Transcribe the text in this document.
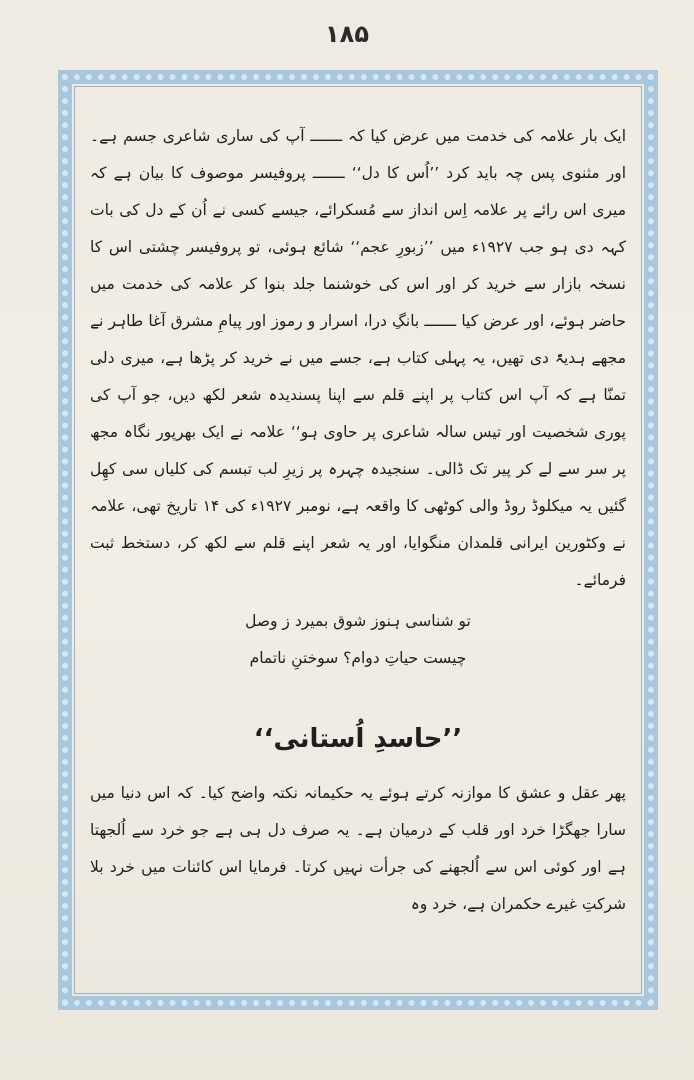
۱۸۵

ایک بار علامہ کی خدمت میں عرض کیا کہ ـــــــ آپ کی ساری شاعری جسم ہے۔ اور مثنوی پس چہ باید کرد ’’اُس کا دل‘‘ ـــــــ پروفیسر موصوف کا بیان ہے کہ میری اس رائے پر علامہ اِس انداز سے مُسکرائے، جیسے کسی نے اُن کے دل کی بات کہہ دی ہو جب ۱۹۲۷ء میں ’’زبورِ عجم‘‘ شائع ہوئی، تو پروفیسر چشتی اس کا نسخہ بازار سے خرید کر اور اس کی خوشنما جلد بنوا کر علامہ کی خدمت میں حاضر ہوئے، اور عرض کیا ـــــــ بانگِ درا، اسرار و رموز اور پیامِ مشرق آغا طاہر نے مجھے ہدیۃً دی تھیں، یہ پہلی کتاب ہے، جسے میں نے خرید کر پڑھا ہے، میری دلی تمنّا ہے کہ آپ اس کتاب پر اپنے قلم سے اپنا پسندیدہ شعر لکھ دیں، جو آپ کی پوری شخصیت اور تیس سالہ شاعری پر حاوی ہو‘‘ علامہ نے ایک بھرپور نگاہ مجھ پر سر سے لے کر پیر تک ڈالی۔ سنجیدہ چہرہ پر زیرِ لب تبسم کی کلیاں سی کھِل گئیں یہ میکلوڈ روڈ والی کوٹھی کا واقعہ ہے، نومبر ۱۹۲۷ء کی ۱۴ تاریخ تھی، علامہ نے وکٹورین ایرانی قلمدان منگوایا، اور یہ شعر اپنے قلم سے لکھ کر، دستخط ثبت فرمائے۔

تو شناسی ہنوز شوق بمیرد ز وصل

چیست حیاتِ دوام؟ سوختنِ ناتمام

’’حاسدِ اُستانی‘‘

پھر عقل و عشق کا موازنہ کرتے ہوئے یہ حکیمانہ نکتہ واضح کیا۔ کہ اس دنیا میں سارا جھگڑا خرد اور قلب کے درمیان ہے۔ یہ صرف دل ہی ہے جو خرد سے اُلجھتا ہے اور کوئی اس سے اُلجھنے کی جرأت نہیں کرتا۔ فرمایا اس کائنات میں خرد بلا شرکتِ غیرے حکمران ہے، خرد وہ
